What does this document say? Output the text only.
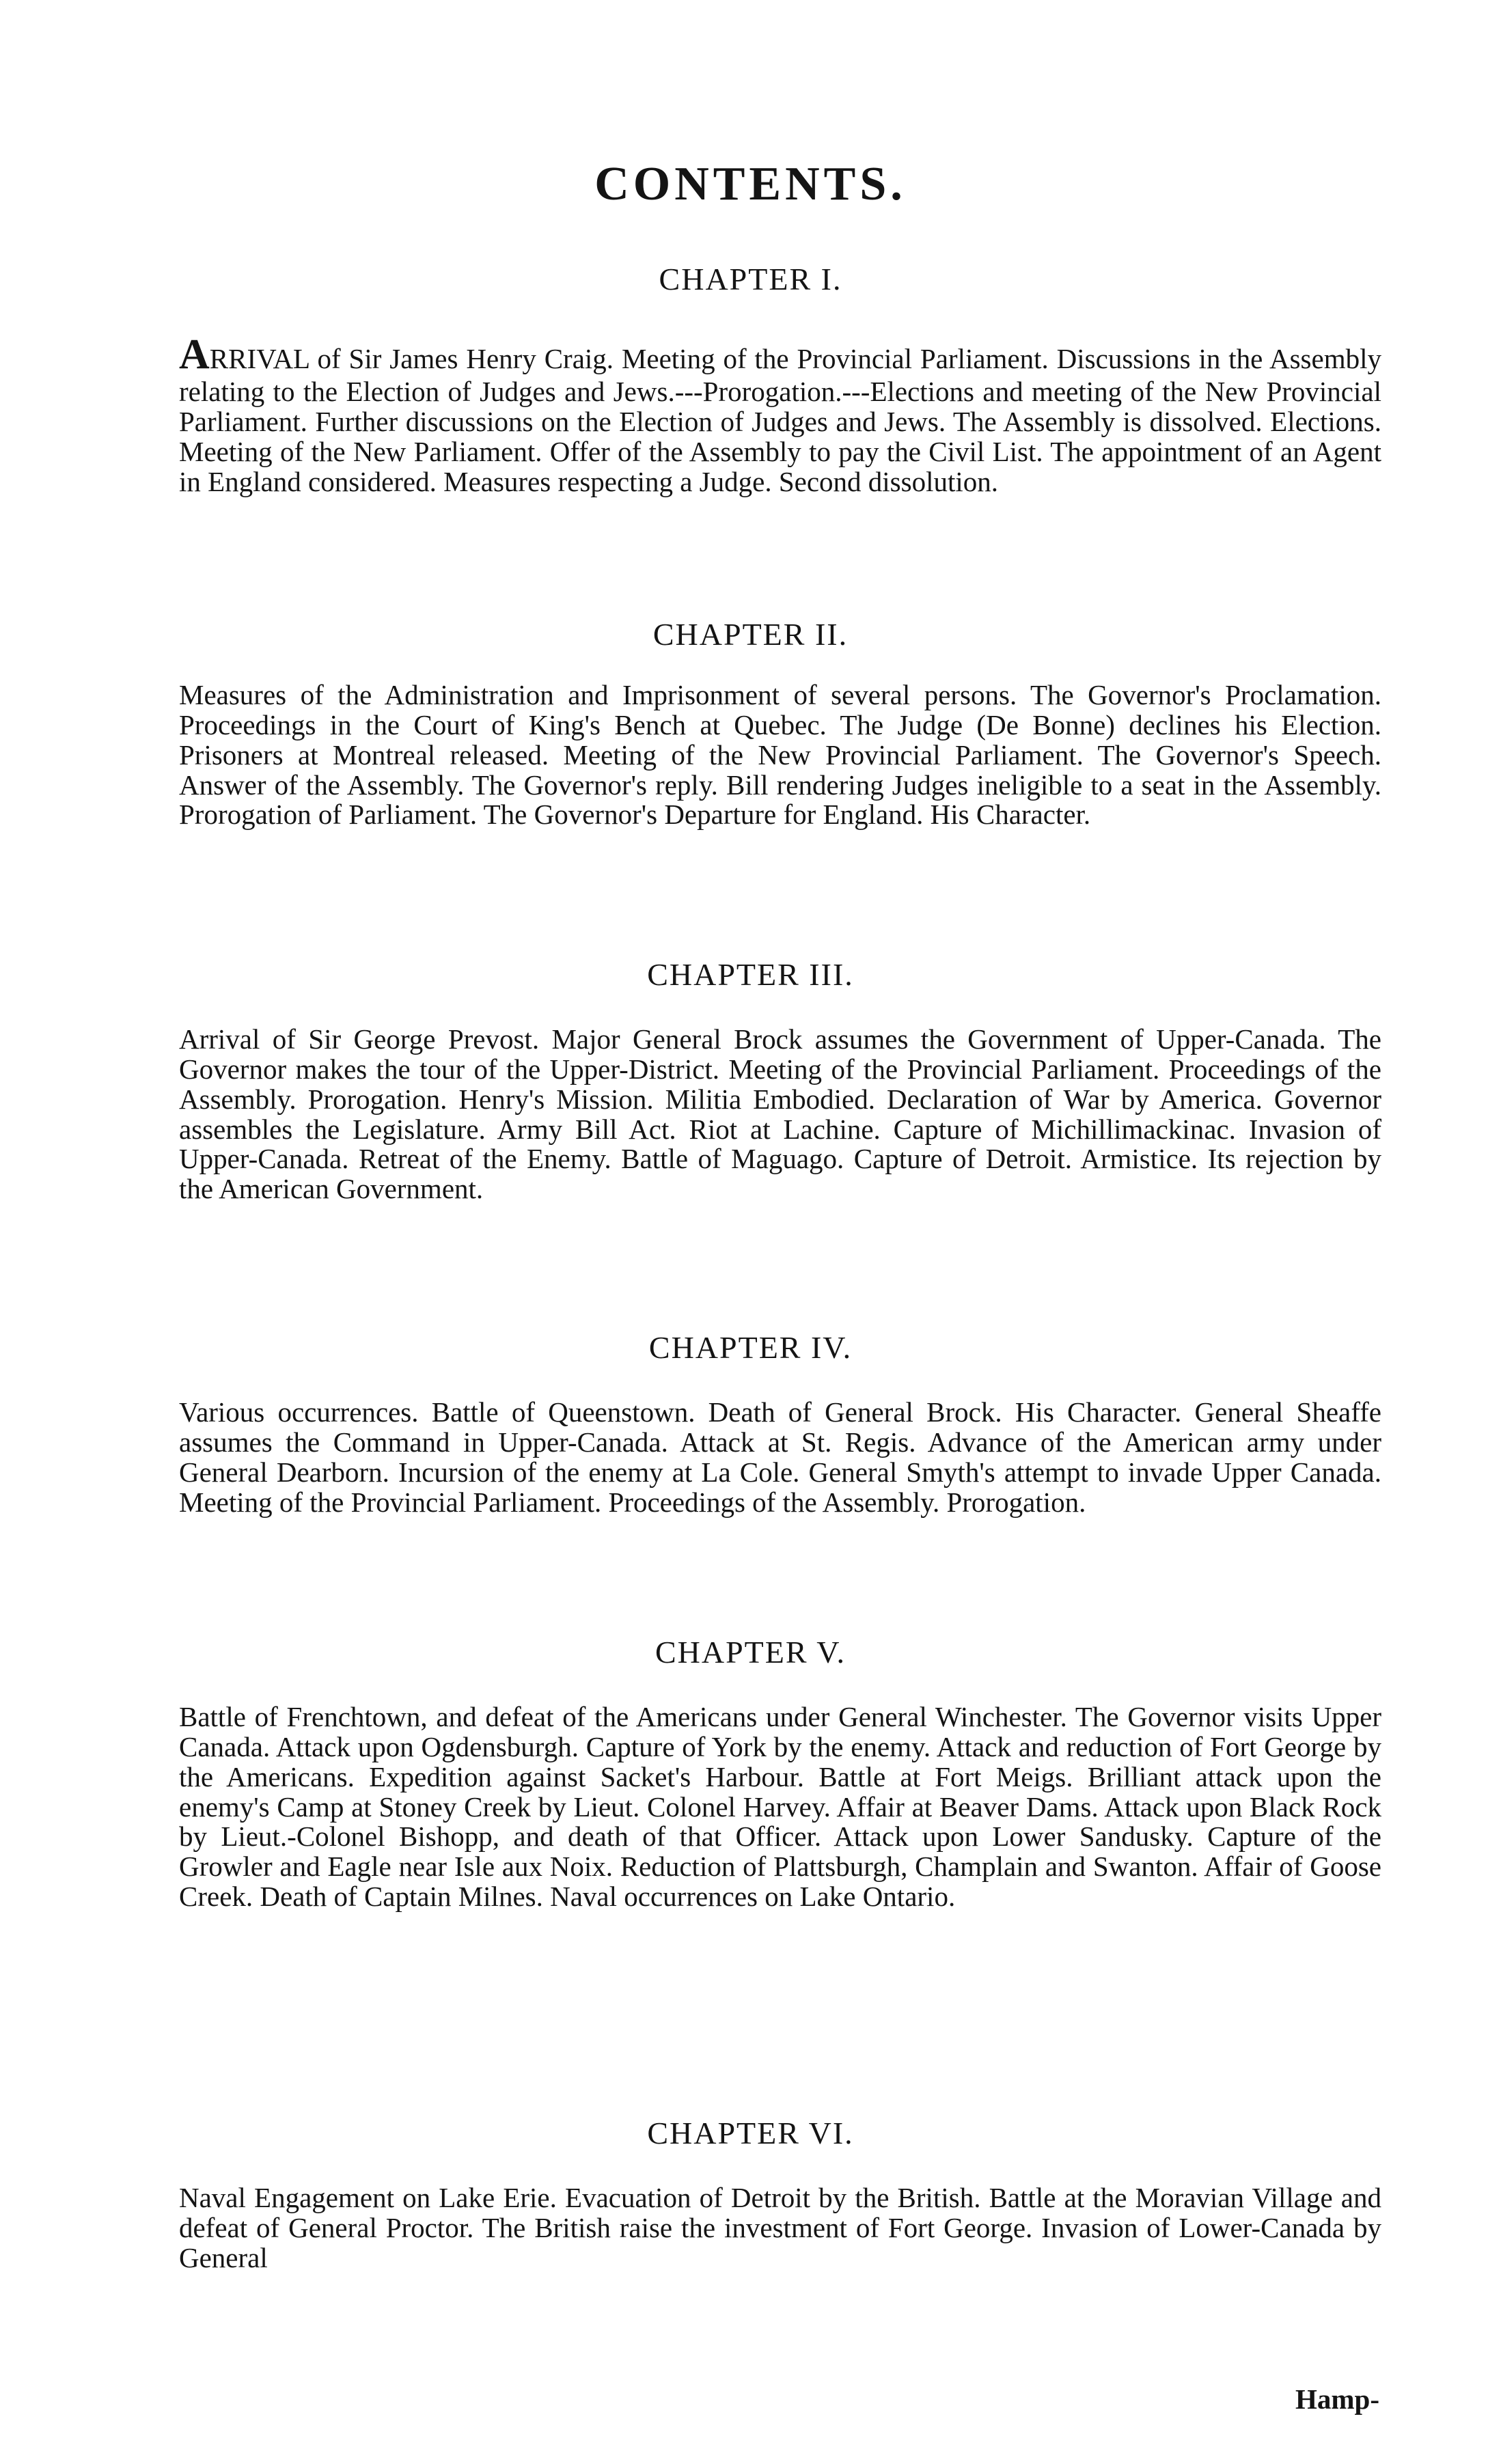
CONTENTS.
CHAPTER I.
ARRIVAL of Sir James Henry Craig. Meeting of the Provincial Parliament. Discussions in the Assembly relating to the Election of Judges and Jews.---Prorogation.---Elections and meeting of the New Provincial Parliament. Further discussions on the Election of Judges and Jews. The Assembly is dissolved. Elections. Meeting of the New Parliament. Offer of the Assembly to pay the Civil List. The appointment of an Agent in England considered. Measures respecting a Judge. Second dissolution.
CHAPTER II.
Measures of the Administration and Imprisonment of several persons. The Governor's Proclamation. Proceedings in the Court of King's Bench at Quebec. The Judge (De Bonne) declines his Election. Prisoners at Montreal released. Meeting of the New Provincial Parliament. The Governor's Speech. Answer of the Assembly. The Governor's reply. Bill rendering Judges ineligible to a seat in the Assembly. Prorogation of Parliament. The Governor's Departure for England. His Character.
CHAPTER III.
Arrival of Sir George Prevost. Major General Brock assumes the Government of Upper-Canada. The Governor makes the tour of the Upper-District. Meeting of the Provincial Parliament. Proceedings of the Assembly. Prorogation. Henry's Mission. Militia Embodied. Declaration of War by America. Governor assembles the Legislature. Army Bill Act. Riot at Lachine. Capture of Michillimackinac. Invasion of Upper-Canada. Retreat of the Enemy. Battle of Maguago. Capture of Detroit. Armistice. Its rejection by the American Government.
CHAPTER IV.
Various occurrences. Battle of Queenstown. Death of General Brock. His Character. General Sheaffe assumes the Command in Upper-Canada. Attack at St. Regis. Advance of the American army under General Dearborn. Incursion of the enemy at La Cole. General Smyth's attempt to invade Upper Canada. Meeting of the Provincial Parliament. Proceedings of the Assembly. Prorogation.
CHAPTER V.
Battle of Frenchtown, and defeat of the Americans under General Winchester. The Governor visits Upper Canada. Attack upon Ogdensburgh. Capture of York by the enemy. Attack and reduction of Fort George by the Americans. Expedition against Sacket's Harbour. Battle at Fort Meigs. Brilliant attack upon the enemy's Camp at Stoney Creek by Lieut. Colonel Harvey. Affair at Beaver Dams. Attack upon Black Rock by Lieut.-Colonel Bishopp, and death of that Officer. Attack upon Lower Sandusky. Capture of the Growler and Eagle near Isle aux Noix. Reduction of Plattsburgh, Champlain and Swanton. Affair of Goose Creek. Death of Captain Milnes. Naval occurrences on Lake Ontario.
CHAPTER VI.
Naval Engagement on Lake Erie. Evacuation of Detroit by the British. Battle at the Moravian Village and defeat of General Proctor. The British raise the investment of Fort George. Invasion of Lower-Canada by General
Hamp-
